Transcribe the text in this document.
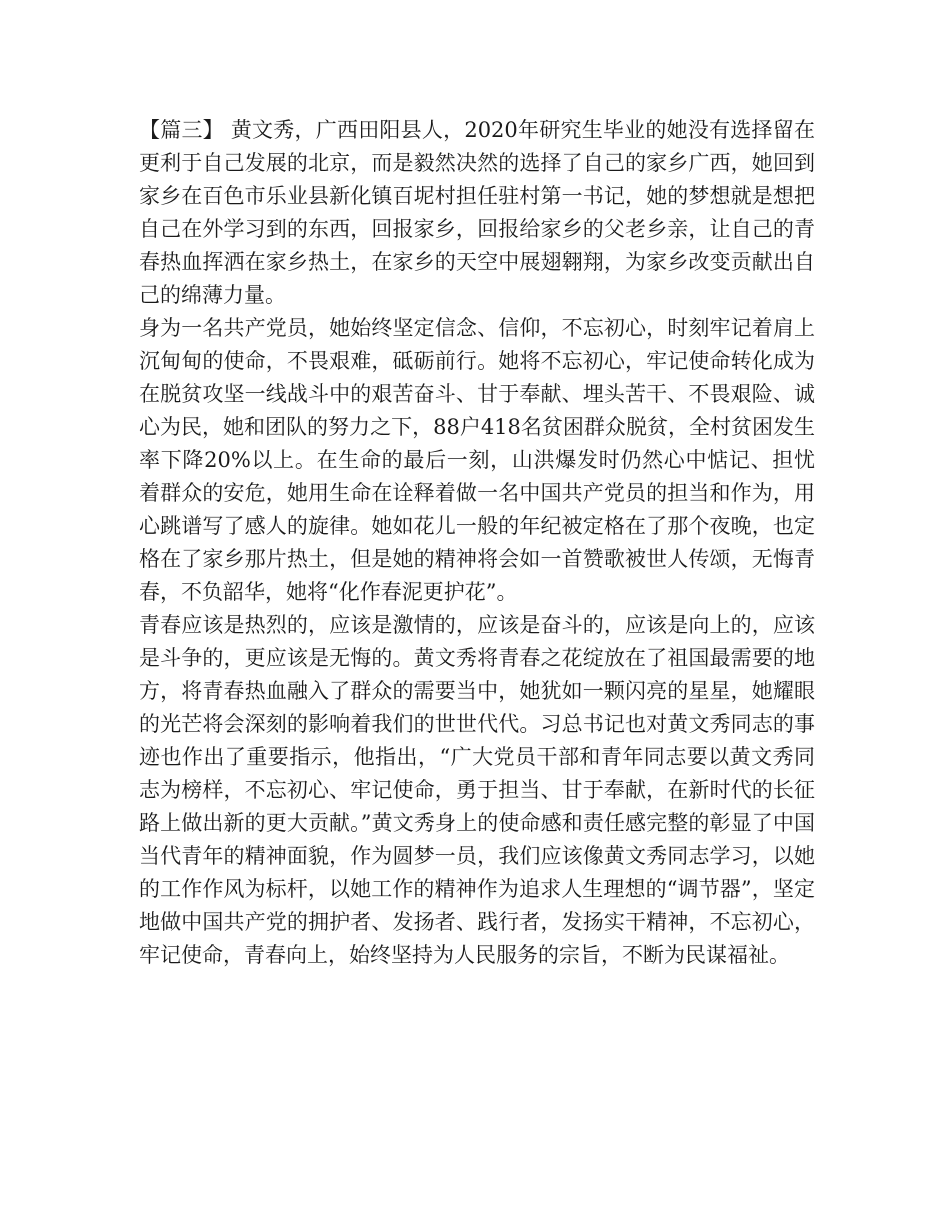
【篇三】 黄文秀，广西田阳县人，2020年研究生毕业的她没有选择留在更利于自己发展的北京，而是毅然决然的选择了自己的家乡广西，她回到家乡在百色市乐业县新化镇百坭村担任驻村第一书记，她的梦想就是想把自己在外学习到的东西，回报家乡，回报给家乡的父老乡亲，让自己的青春热血挥洒在家乡热土，在家乡的天空中展翅翱翔，为家乡改变贡献出自己的绵薄力量。

身为一名共产党员，她始终坚定信念、信仰，不忘初心，时刻牢记着肩上沉甸甸的使命，不畏艰难，砥砺前行。她将不忘初心，牢记使命转化成为在脱贫攻坚一线战斗中的艰苦奋斗、甘于奉献、埋头苦干、不畏艰险、诚心为民，她和团队的努力之下，88户418名贫困群众脱贫，全村贫困发生率下降20%以上。在生命的最后一刻，山洪爆发时仍然心中惦记、担忧着群众的安危，她用生命在诠释着做一名中国共产党员的担当和作为，用心跳谱写了感人的旋律。她如花儿一般的年纪被定格在了那个夜晚，也定格在了家乡那片热土，但是她的精神将会如一首赞歌被世人传颂，无悔青春，不负韶华，她将“化作春泥更护花”。

青春应该是热烈的，应该是激情的，应该是奋斗的，应该是向上的，应该是斗争的，更应该是无悔的。黄文秀将青春之花绽放在了祖国最需要的地方，将青春热血融入了群众的需要当中，她犹如一颗闪亮的星星，她耀眼的光芒将会深刻的影响着我们的世世代代。习总书记也对黄文秀同志的事迹也作出了重要指示，他指出，“广大党员干部和青年同志要以黄文秀同志为榜样，不忘初心、牢记使命，勇于担当、甘于奉献，在新时代的长征路上做出新的更大贡献。”黄文秀身上的使命感和责任感完整的彰显了中国当代青年的精神面貌，作为圆梦一员，我们应该像黄文秀同志学习，以她的工作作风为标杆，以她工作的精神作为追求人生理想的“调节器”，坚定地做中国共产党的拥护者、发扬者、践行者，发扬实干精神，不忘初心，牢记使命，青春向上，始终坚持为人民服务的宗旨，不断为民谋福祉。
